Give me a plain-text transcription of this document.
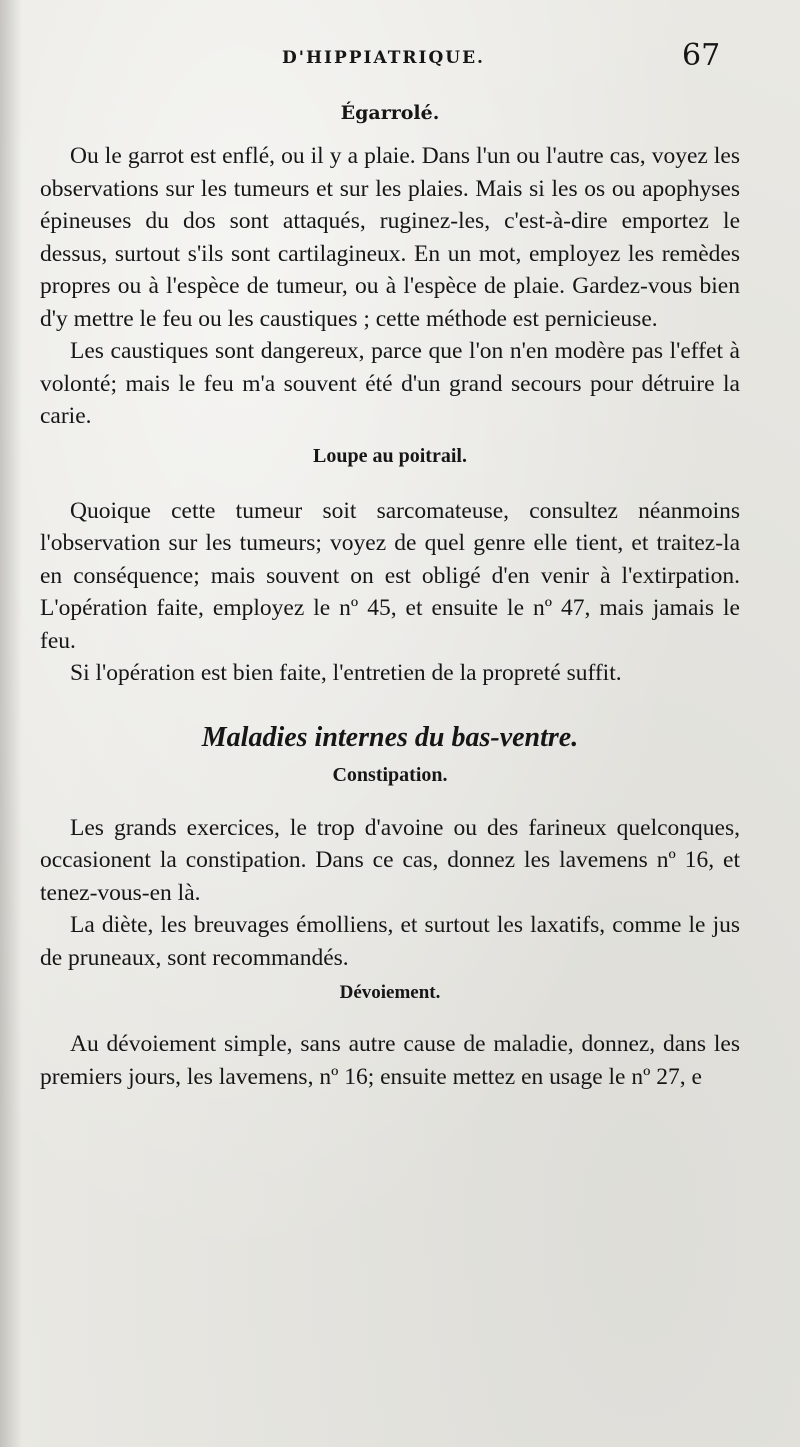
D'HIPPIATRIQUE.	67
Égarrolé.

Ou le garrot est enflé, ou il y a plaie. Dans l'un ou l'autre cas, voyez les observations sur les tumeurs et sur les plaies. Mais si les os ou apophyses épineuses du dos sont attaqués, ruginez-les, c'est-à-dire emportez le dessus, surtout s'ils sont cartilagineux. En un mot, employez les remèdes propres ou à l'espèce de tumeur, ou à l'espèce de plaie. Gardez-vous bien d'y mettre le feu ou les caustiques ; cette méthode est pernicieuse.

Les caustiques sont dangereux, parce que l'on n'en modère pas l'effet à volonté; mais le feu m'a souvent été d'un grand secours pour détruire la carie.

Loupe au poitrail.

Quoique cette tumeur soit sarcomateuse, consultez néanmoins l'observation sur les tumeurs; voyez de quel genre elle tient, et traitez-la en conséquence; mais souvent on est obligé d'en venir à l'extirpation. L'opération faite, employez le nº 45, et ensuite le nº 47, mais jamais le feu.

Si l'opération est bien faite, l'entretien de la propreté suffit.

Maladies internes du bas-ventre.
Constipation.

Les grands exercices, le trop d'avoine ou des farineux quelconques, occasionent la constipation. Dans ce cas, donnez les lavemens nº 16, et tenez-vous-en là.

La diète, les breuvages émolliens, et surtout les laxatifs, comme le jus de pruneaux, sont recommandés.

Dévoiement.

Au dévoiement simple, sans autre cause de maladie, donnez, dans les premiers jours, les lavemens, nº 16; ensuite mettez en usage le nº 27, e
